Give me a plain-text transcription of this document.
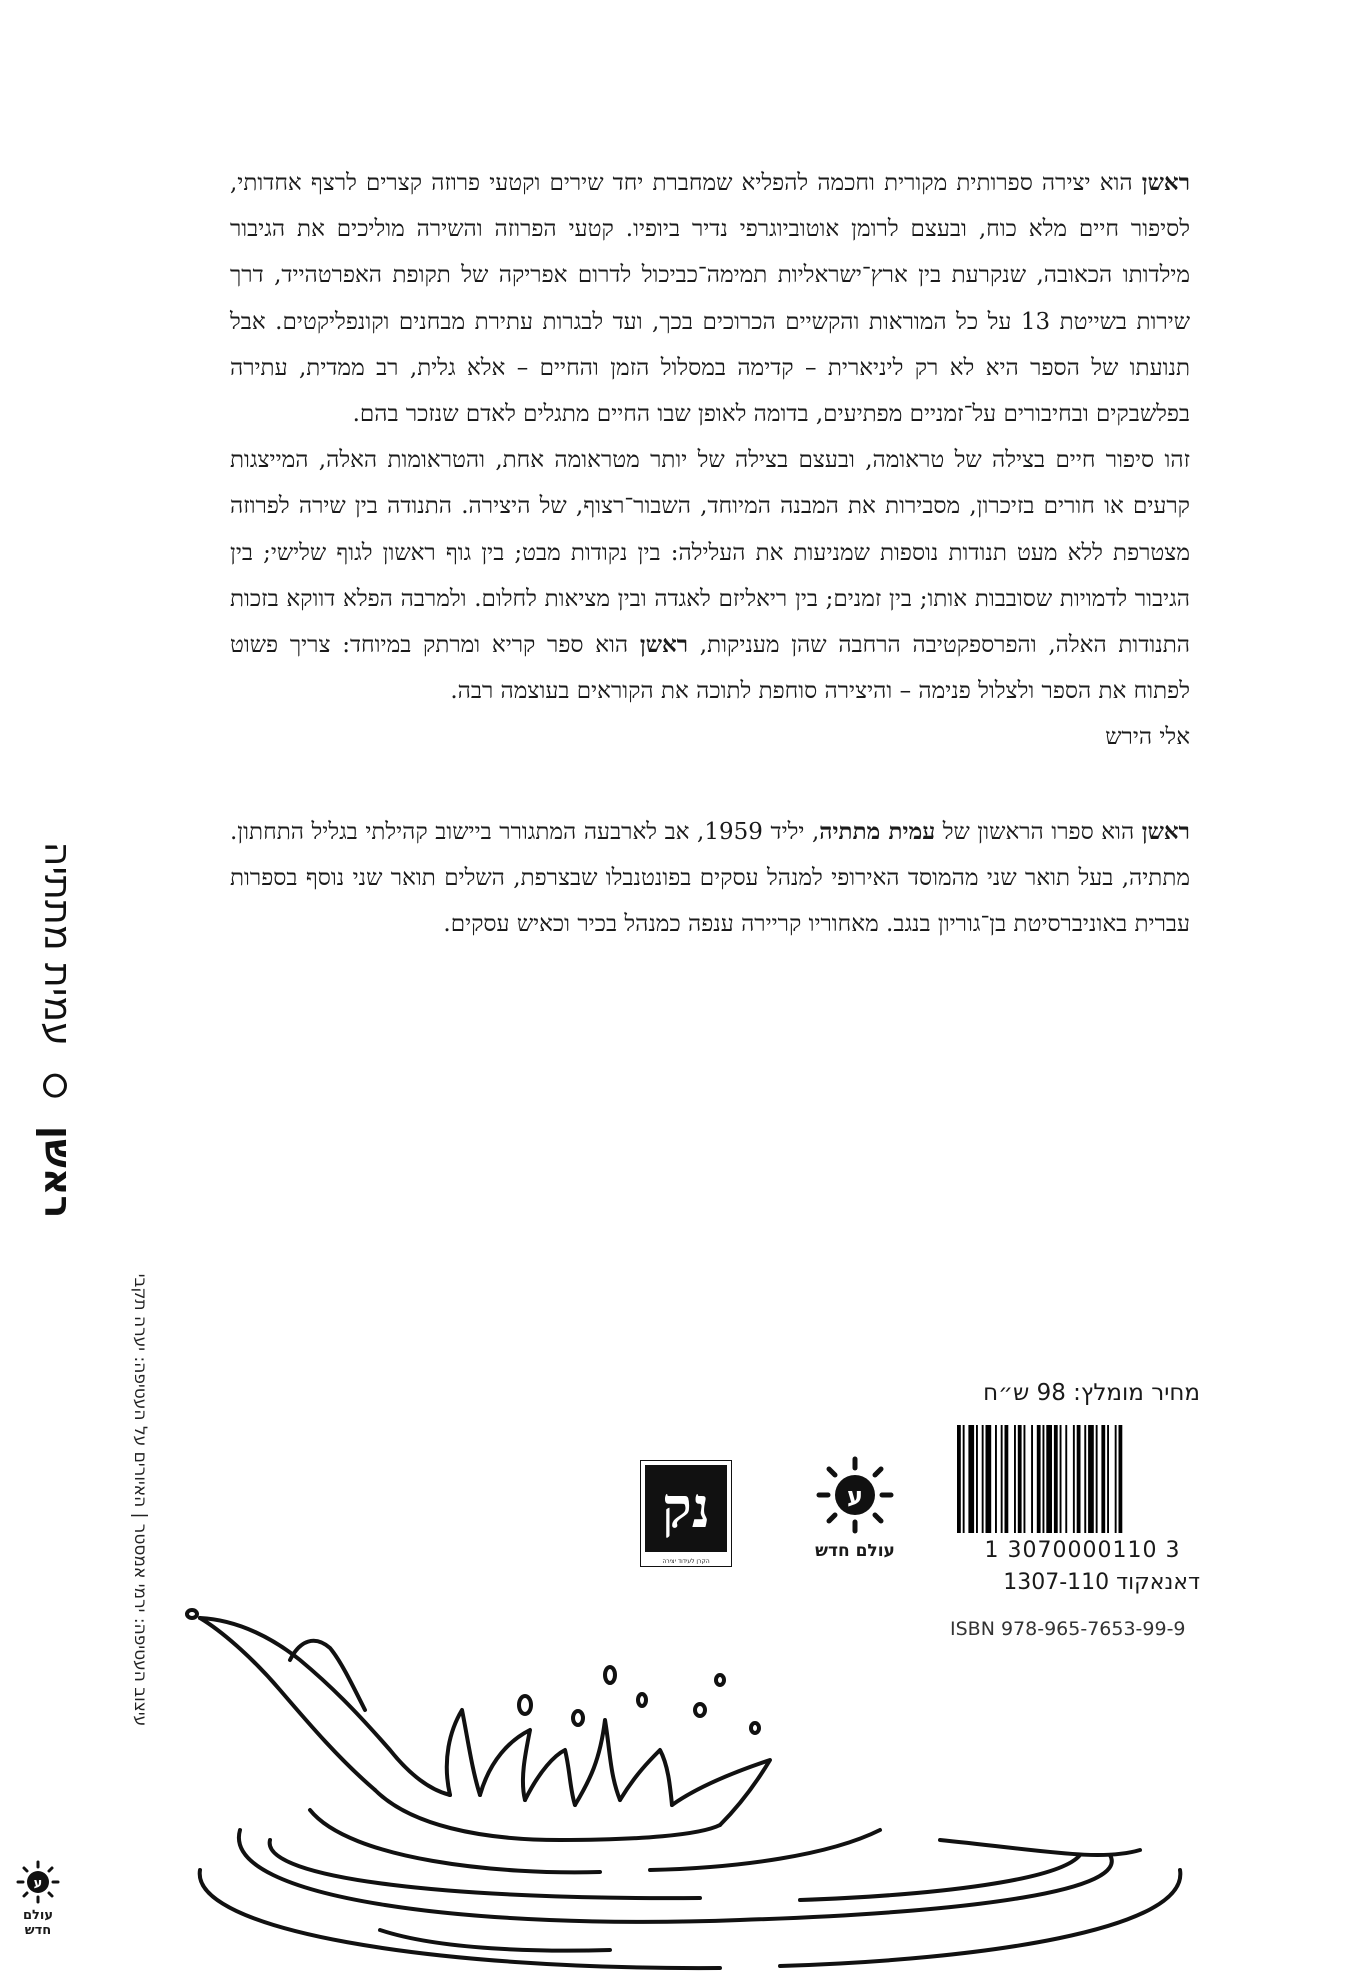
ראשןעמית מתתיה
ע
עולם חדש
עיצוב העטיפה: ירמי אמסטר | האיורים על העטיפה: יערה תקבי

ראשן הוא יצירה ספרותית מקורית וחכמה להפליא שמחברת יחד שירים וקטעי פרוזה קצרים לרצף אחדותי, לסיפור חיים מלא כוח, ובעצם לרומן אוטוביוגרפי נדיר ביופיו. קטעי הפרוזה והשירה מוליכים את הגיבור מילדותו הכאובה, שנקרעת בין ארץ־ישראליות תמימה־כביכול לדרום אפריקה של תקופת האפרטהייד, דרך שירות בשייטת 13 על כל המוראות והקשיים הכרוכים בכך, ועד לבגרות עתירת מבחנים וקונפליקטים. אבל תנועתו של הספר היא לא רק ליניארית – קדימה במסלול הזמן והחיים – אלא גלית, רב ממדית, עתירה בפלשבקים ובחיבורים על־זמניים מפתיעים, בדומה לאופן שבו החיים מתגלים לאדם שנזכר בהם.

זהו סיפור חיים בצילה של טראומה, ובעצם בצילה של יותר מטראומה אחת, והטראומות האלה, המייצגות קרעים או חורים בזיכרון, מסבירות את המבנה המיוחד, השבור־רצוף, של היצירה. התנודה בין שירה לפרוזה מצטרפת ללא מעט תנודות נוספות שמניעות את העלילה: בין נקודות מבט; בין גוף ראשון לגוף שלישי; בין הגיבור לדמויות שסובבות אותו; בין זמנים; בין ריאליזם לאגדה ובין מציאות לחלום. ולמרבה הפלא דווקא בזכות התנודות האלה, והפרספקטיבה הרחבה שהן מעניקות, ראשן הוא ספר קריא ומרתק במיוחד: צריך פשוט לפתוח את הספר ולצלול פנימה – והיצירה סוחפת לתוכה את הקוראים בעוצמה רבה.

אלי הירש

ראשן הוא ספרו הראשון של עמית מתתיה, יליד 1959, אב לארבעה המתגורר ביישוב קהילתי בגליל התחתון. מתתיה, בעל תואר שני מהמוסד האירופי למנהל עסקים בפונטנבלו שבצרפת, השלים תואר שני נוסף בספרות עברית באוניברסיטת בן־גוריון בנגב. מאחוריו קריירה ענפה כמנהל בכיר וכאיש עסקים.

מחיר מומלץ: 98 ש״ח
1 3070000110 3
דאנאקוד 1307-110
ISBN 978-965-7653-99-9
ע
עולם חדש
נק
הקרן לעידוד יצירה
